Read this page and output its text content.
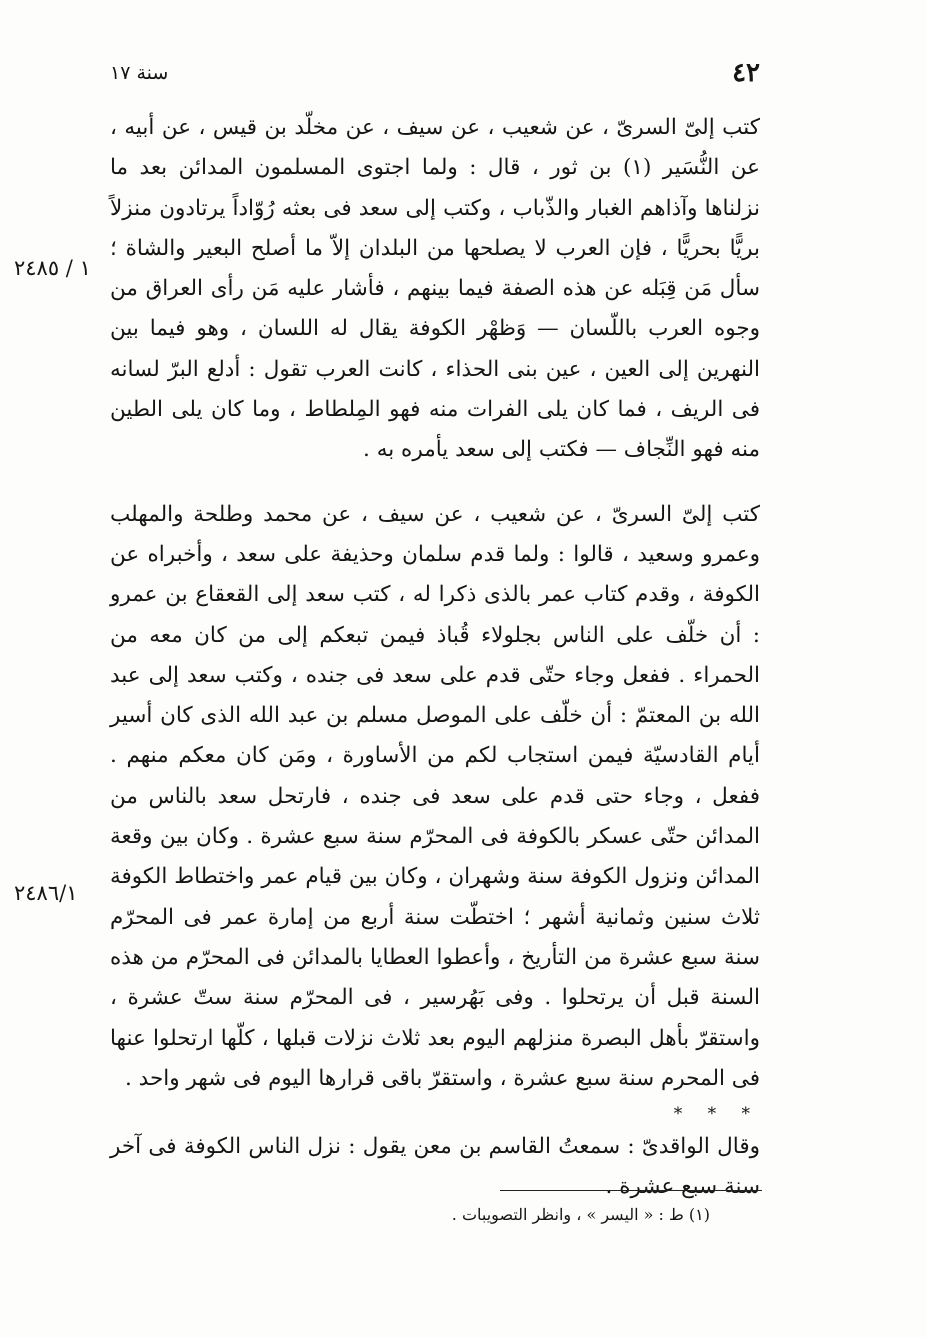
٤٢
سنة ١٧
١ / ٢٤٨٥
٢٤٨٦/١

كتب إلىّ السرىّ ، عن شعيب ، عن سيف ، عن مخلّد بن قيس ، عن أبيه ، عن النُّسَير (١) بن ثور ، قال : ولما اجتوى المسلمون المدائن بعد ما نزلناها وآذاهم الغبار والذّباب ، وكتب إلى سعد فى بعثه رُوّاداً يرتادون منزلاً بريًّا بحريًّا ، فإن العرب لا يصلحها من البلدان إلاّ ما أصلح البعير والشاة ؛ سأل مَن قِبَله عن هذه الصفة فيما بينهم ، فأشار عليه مَن رأى العراق من وجوه العرب باللّسان — وَظهْر الكوفة يقال له اللسان ، وهو فيما بين النهرين إلى العين ، عين بنى الحذاء ، كانت العرب تقول : أدلع البرّ لسانه فى الريف ، فما كان يلى الفرات منه فهو المِلطاط ، وما كان يلى الطين منه فهو النِّجاف — فكتب إلى سعد يأمره به .

كتب إلىّ السرىّ ، عن شعيب ، عن سيف ، عن محمد وطلحة والمهلب وعمرو وسعيد ، قالوا : ولما قدم سلمان وحذيفة على سعد ، وأخبراه عن الكوفة ، وقدم كتاب عمر بالذى ذكرا له ، كتب سعد إلى القعقاع بن عمرو : أن خلّف على الناس بجلولاء قُباذ فيمن تبعكم إلى من كان معه من الحمراء . ففعل وجاء حتّى قدم على سعد فى جنده ، وكتب سعد إلى عبد الله بن المعتمّ : أن خلّف على الموصل مسلم بن عبد الله الذى كان أسير أيام القادسيّة فيمن استجاب لكم من الأساورة ، ومَن كان معكم منهم . ففعل ، وجاء حتى قدم على سعد فى جنده ، فارتحل سعد بالناس من المدائن حتّى عسكر بالكوفة فى المحرّم سنة سبع عشرة . وكان بين وقعة المدائن ونزول الكوفة سنة وشهران ، وكان بين قيام عمر واختطاط الكوفة ثلاث سنين وثمانية أشهر ؛ اختطّت سنة أربع من إمارة عمر فى المحرّم سنة سبع عشرة من التأريخ ، وأعطوا العطايا بالمدائن فى المحرّم من هذه السنة قبل أن يرتحلوا . وفى بَهُرسير ، فى المحرّم سنة ستّ عشرة ، واستقرّ بأهل البصرة منزلهم اليوم بعد ثلاث نزلات قبلها ، كلّها ارتحلوا عنها فى المحرم سنة سبع عشرة ، واستقرّ باقى قرارها اليوم فى شهر واحد .

* * *

وقال الواقدىّ : سمعتُ القاسم بن معن يقول : نزل الناس الكوفة فى آخر سنة سبع عشرة .

(١) ط : « اليسر » ، وانظر التصويبات .
